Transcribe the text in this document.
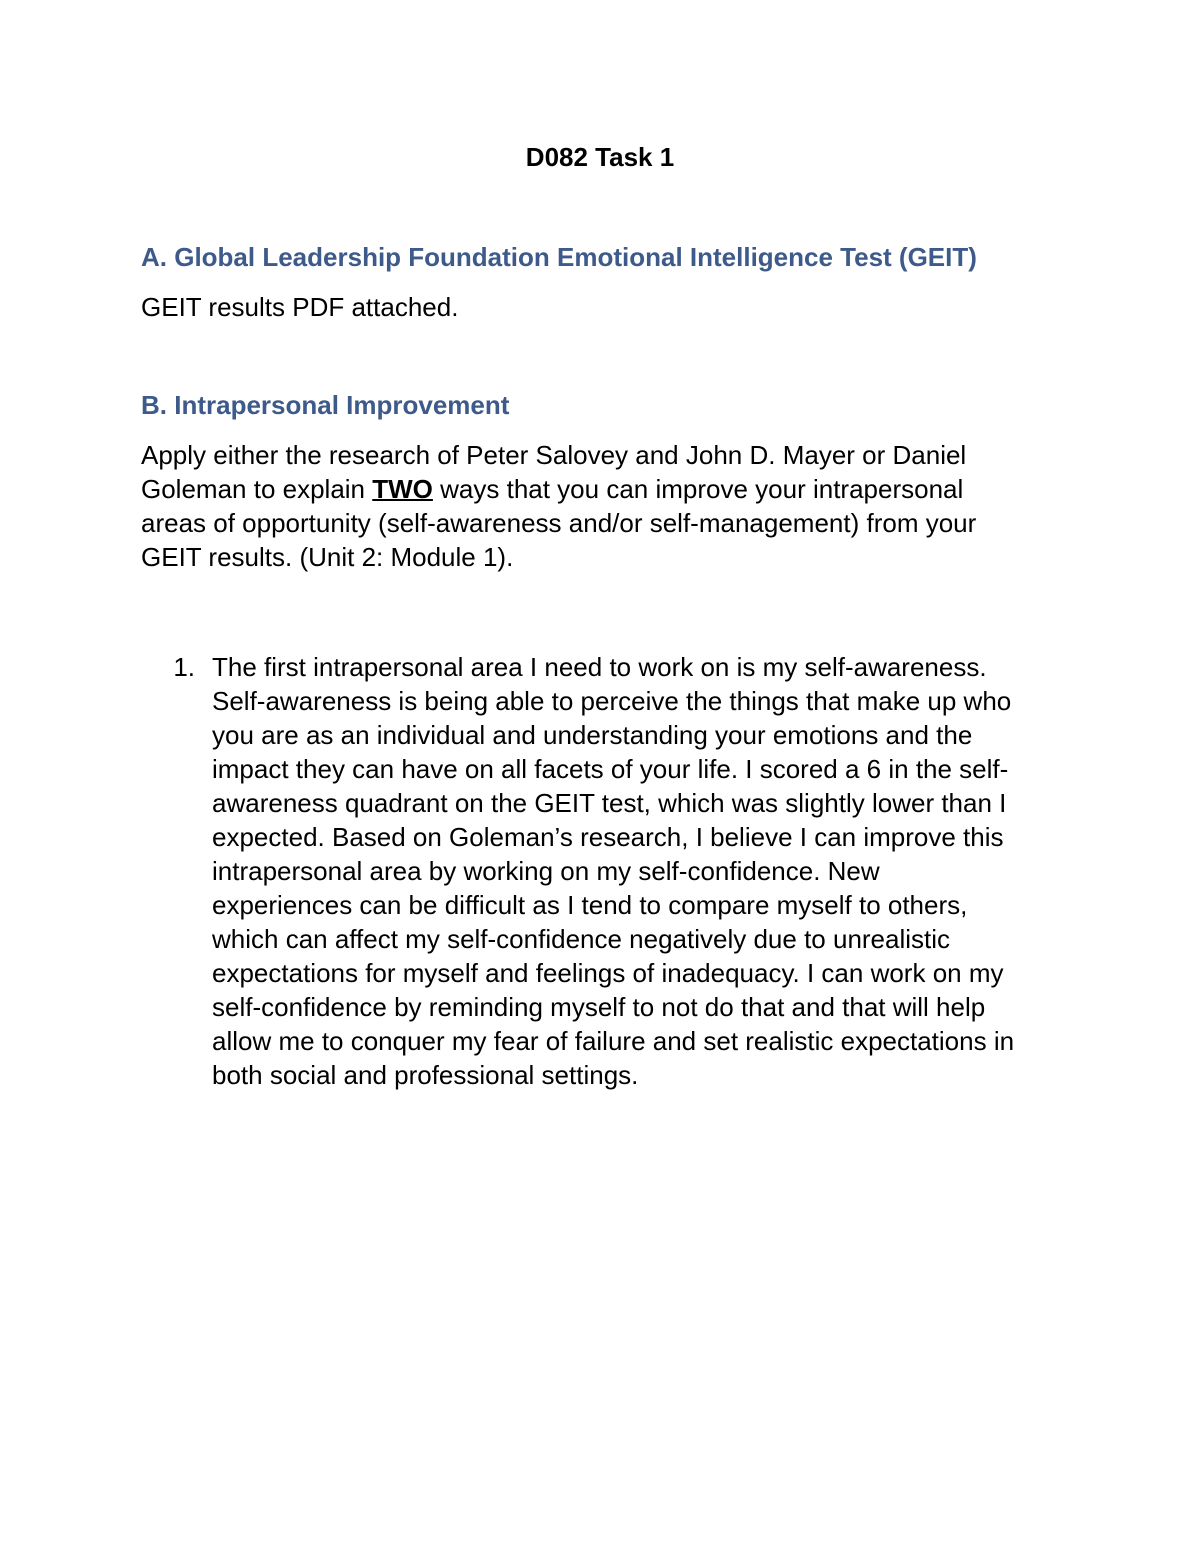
D082 Task 1
A. Global Leadership Foundation Emotional Intelligence Test (GEIT)
GEIT results PDF attached.
B. Intrapersonal Improvement
Apply either the research of Peter Salovey and John D. Mayer or Daniel
Goleman to explain TWO ways that you can improve your intrapersonal
areas of opportunity (self-awareness and/or self-management) from your
GEIT results. (Unit 2: Module 1).
1. The first intrapersonal area I need to work on is my self-awareness.
Self-awareness is being able to perceive the things that make up who
you are as an individual and understanding your emotions and the
impact they can have on all facets of your life. I scored a 6 in the self-
awareness quadrant on the GEIT test, which was slightly lower than I
expected. Based on Goleman’s research, I believe I can improve this
intrapersonal area by working on my self-confidence. New
experiences can be difficult as I tend to compare myself to others,
which can affect my self-confidence negatively due to unrealistic
expectations for myself and feelings of inadequacy. I can work on my
self-confidence by reminding myself to not do that and that will help
allow me to conquer my fear of failure and set realistic expectations in
both social and professional settings.
